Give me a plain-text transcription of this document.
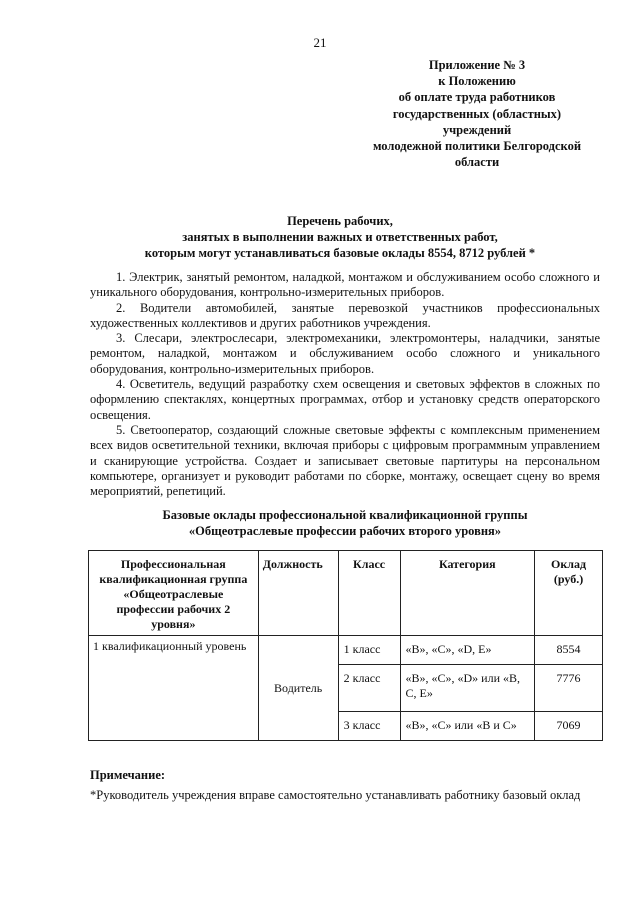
21
Приложение № 3
к Положению
об оплате труда работников
государственных (областных)
учреждений
молодежной политики Белгородской
области
Перечень рабочих,
занятых в выполнении важных и ответственных работ,
которым могут устанавливаться базовые оклады 8554, 8712 рублей *

1. Электрик, занятый ремонтом, наладкой, монтажом и обслуживанием особо сложного и уникального оборудования, контрольно-измерительных приборов.

2. Водители автомобилей, занятые перевозкой участников профессиональных художественных коллективов и других работников учреждения.

3. Слесари, электрослесари, электромеханики, электромонтеры, наладчики, занятые ремонтом, наладкой, монтажом и обслуживанием особо сложного и уникального оборудования, контрольно-измерительных приборов.

4. Осветитель, ведущий разработку схем освещения и световых эффектов в сложных по оформлению спектаклях, концертных программах, отбор и установку средств операторского освещения.

5. Светооператор, создающий сложные световые эффекты с комплексным применением всех видов осветительной техники, включая приборы с цифровым программным управлением и сканирующие устройства. Создает и записывает световые партитуры на персональном компьютере, организует и руководит работами по сборке, монтажу, освещает сцену во время мероприятий, репетиций.

Базовые оклады профессиональной квалификационной группы
«Общеотраслевые профессии рабочих второго уровня»
Профессиональная квалификационная группа «Общеотраслевые профессии рабочих 2 уровня»	Должность	Класс	Категория	Оклад (руб.)
1 квалификационный уровень	Водитель	1 класс	«В», «С», «D, Е»	8554
		2 класс	«В», «С», «D» или «В, С, Е»	7776
		3 класс	«В», «С» или «В и С»	7069
Примечание:
*Руководитель учреждения вправе самостоятельно устанавливать работнику базовый оклад
